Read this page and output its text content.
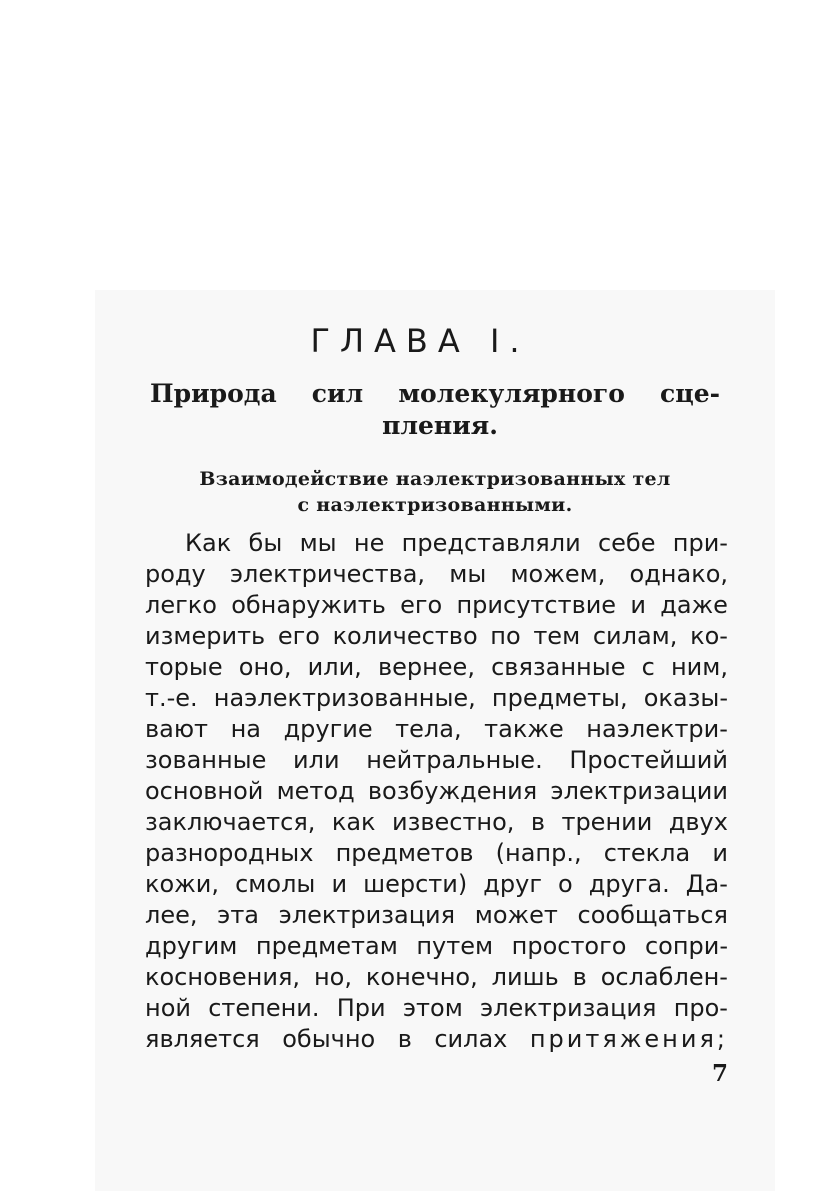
ГЛАВА I.
Природа сил молекулярного сце-
пления.
Взаимодействие наэлектризованных тел
с наэлектризованными.
Как бы мы не представляли себе при-
роду электричества, мы можем, однако,
легко обнаружить его присутствие и даже
измерить его количество по тем силам, ко-
торые оно, или, вернее, связанные с ним,
т.-е. наэлектризованные, предметы, оказы-
вают на другие тела, также наэлектри-
зованные или нейтральные. Простейший
основной метод возбуждения электризации
заключается, как известно, в трении двух
разнородных предметов (напр., стекла и
кожи, смолы и шерсти) друг о друга. Да-
лее, эта электризация может сообщаться
другим предметам путем простого сопри-
косновения, но, конечно, лишь в ослаблен-
ной степени. При этом электризация про-
является обычно в силах притяжения;

7
